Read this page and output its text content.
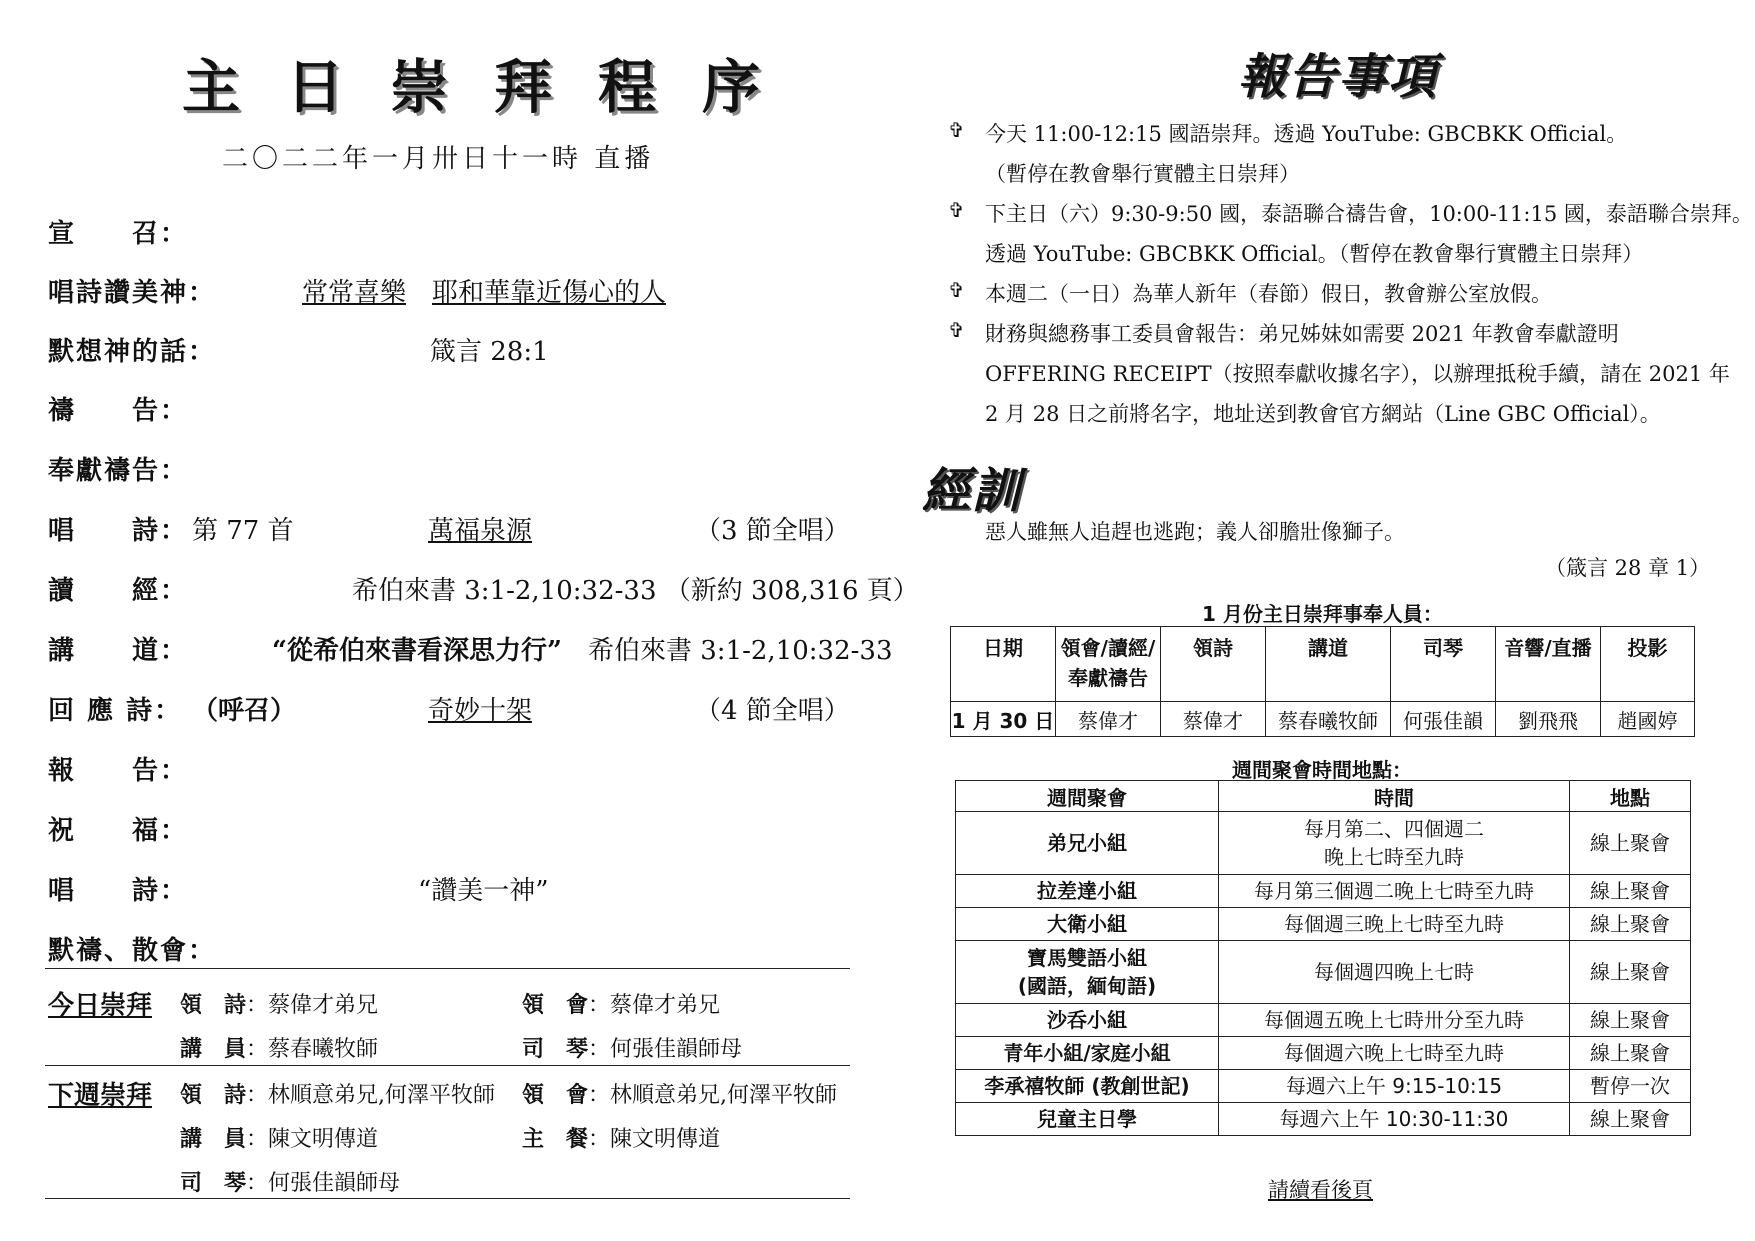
主日崇拜程序
二〇二二年一月卅日十一時 直播
宣　　召：
唱詩讚美神：	常常喜樂 耶和華靠近傷心的人
默想神的話：	箴言 28:1
禱　　告：
奉獻禱告：
唱　　詩： 第 77 首	萬福泉源	（3 節全唱）
讀　　經：	希伯來書 3:1-2,10:32-33 （新約 308,316 頁）
講　　道：	“從希伯來書看深思力行” 希伯來書 3:1-2,10:32-33
回 應 詩： （呼召）	奇妙十架	（4 節全唱）
報　　告：
祝　　福：
唱　　詩：	“讚美一神”
默禱、散會：
今日崇拜 領　詩：蔡偉才弟兄	領　會：蔡偉才弟兄
講　員：蔡春曦牧師	司　琴：何張佳韻師母
下週崇拜 領　詩：林順意弟兄,何澤平牧師 領　會：林順意弟兄,何澤平牧師
講　員：陳文明傳道	主　餐：陳文明傳道
司　琴：何張佳韻師母
報告事項
✞ 今天 11:00-12:15 國語崇拜。透過 YouTube: GBCBKK Official。
（暫停在教會舉行實體主日崇拜）
✞ 下主日（六）9:30-9:50 國，泰語聯合禱告會，10:00-11:15 國，泰語聯合崇拜。
透過 YouTube: GBCBKK Official。（暫停在教會舉行實體主日崇拜）
✞ 本週二（一日）為華人新年（春節）假日，教會辦公室放假。
✞ 財務與總務事工委員會報告：弟兄姊妹如需要 2021 年教會奉獻證明
OFFERING RECEIPT（按照奉獻收據名字），以辦理抵稅手續，請在 2021 年
2 月 28 日之前將名字，地址送到教會官方網站（Line GBC Official）。
經訓
惡人雖無人追趕也逃跑；義人卻膽壯像獅子。
（箴言 28 章 1）
1 月份主日崇拜事奉人員：
日期	領會/讀經/奉獻禱告	領詩	講道	司琴	音響/直播	投影
1 月 30 日	蔡偉才	蔡偉才	蔡春曦牧師	何張佳韻	劉飛飛	趙國婷
週間聚會時間地點：
週間聚會	時間	地點
弟兄小組	每月第二、四個週二
晚上七時至九時	線上聚會
拉差達小組	每月第三個週二晚上七時至九時	線上聚會
大衛小組	每個週三晚上七時至九時	線上聚會
寶馬雙語小組
(國語，緬甸語)	每個週四晚上七時	線上聚會
沙呑小組	每個週五晚上七時卅分至九時	線上聚會
青年小組/家庭小組	每個週六晚上七時至九時	線上聚會
李承禧牧師 (教創世記)	每週六上午 9:15-10:15	暫停一次
兒童主日學	每週六上午 10:30-11:30	線上聚會
請續看後頁
